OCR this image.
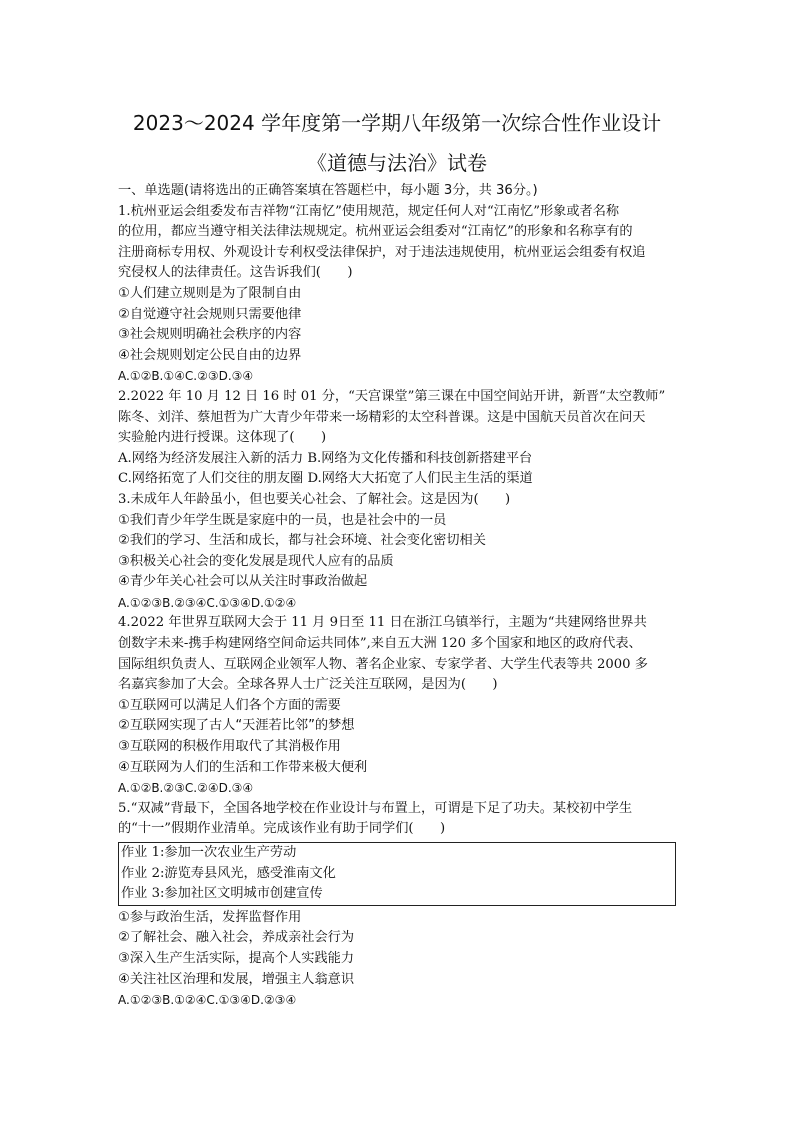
2023～2024 学年度第一学期八年级第一次综合性作业设计
《道德与法治》试卷
一、单选题(请将选出的正确答案填在答题栏中，每小题 3分，共 36分。)
1.杭州亚运会组委发布吉祥物“江南忆”使用规范，规定任何人对“江南忆”形象或者名称
的位用，都应当遵守相关法律法规规定。杭州亚运会组委对“江南忆”的形象和名称享有的
注册商标专用权、外观设计专利权受法律保护，对于违法违规使用，杭州亚运会组委有权追
究侵权人的法律责任。这告诉我们(　　)
①人们建立规则是为了限制自由
②自觉遵守社会规则只需要他律
③社会规则明确社会秩序的内容
④社会规则划定公民自由的边界
A.①②B.①④C.②③D.③④
2.2022 年 10 月 12 日 16 时 01 分，“天宫课堂”第三课在中国空间站开讲，新晋“太空教师”
陈冬、刘洋、蔡旭哲为广大青少年带来一场精彩的太空科普课。这是中国航天员首次在问天
实验舱内进行授课。这体现了(　　)
A.网络为经济发展注入新的活力 B.网络为文化传播和科技创新搭建平台
C.网络拓宽了人们交往的朋友圈 D.网络大大拓宽了人们民主生活的渠道
3.未成年人年龄虽小，但也要关心社会、了解社会。这是因为(　　)
①我们青少年学生既是家庭中的一员，也是社会中的一员
②我们的学习、生活和成长，都与社会环境、社会变化密切相关
③积极关心社会的变化发展是现代人应有的品质
④青少年关心社会可以从关注时事政治做起
A.①②③B.②③④C.①③④D.①②④
4.2022 年世界互联网大会于 11 月 9日至 11 日在浙江乌镇举行，主题为“共建网络世界共
创数字未来-携手构建网络空间命运共同体”,来自五大洲 120 多个国家和地区的政府代表、
国际组织负责人、互联网企业领军人物、著名企业家、专家学者、大学生代表等共 2000 多
名嘉宾参加了大会。全球各界人士广泛关注互联网，是因为(　　)
①互联网可以满足人们各个方面的需要
②互联网实现了古人“天涯若比邻”的梦想
③互联网的积极作用取代了其消极作用
④互联网为人们的生活和工作带来极大便利
A.①②B.②③C.②④D.③④
5.“双减”背最下，全国各地学校在作业设计与布置上，可谓是下足了功夫。某校初中学生
的“十一”假期作业清单。完成该作业有助于同学们(　　)
作业 1:参加一次农业生产劳动
作业 2:游览寿县风光，感受淮南文化
作业 3:参加社区文明城市创建宣传
①参与政治生活，发挥监督作用
②了解社会、融入社会，养成亲社会行为
③深入生产生活实际，提高个人实践能力
④关注社区治理和发展，增强主人翁意识
A.①②③B.①②④C.①③④D.②③④
